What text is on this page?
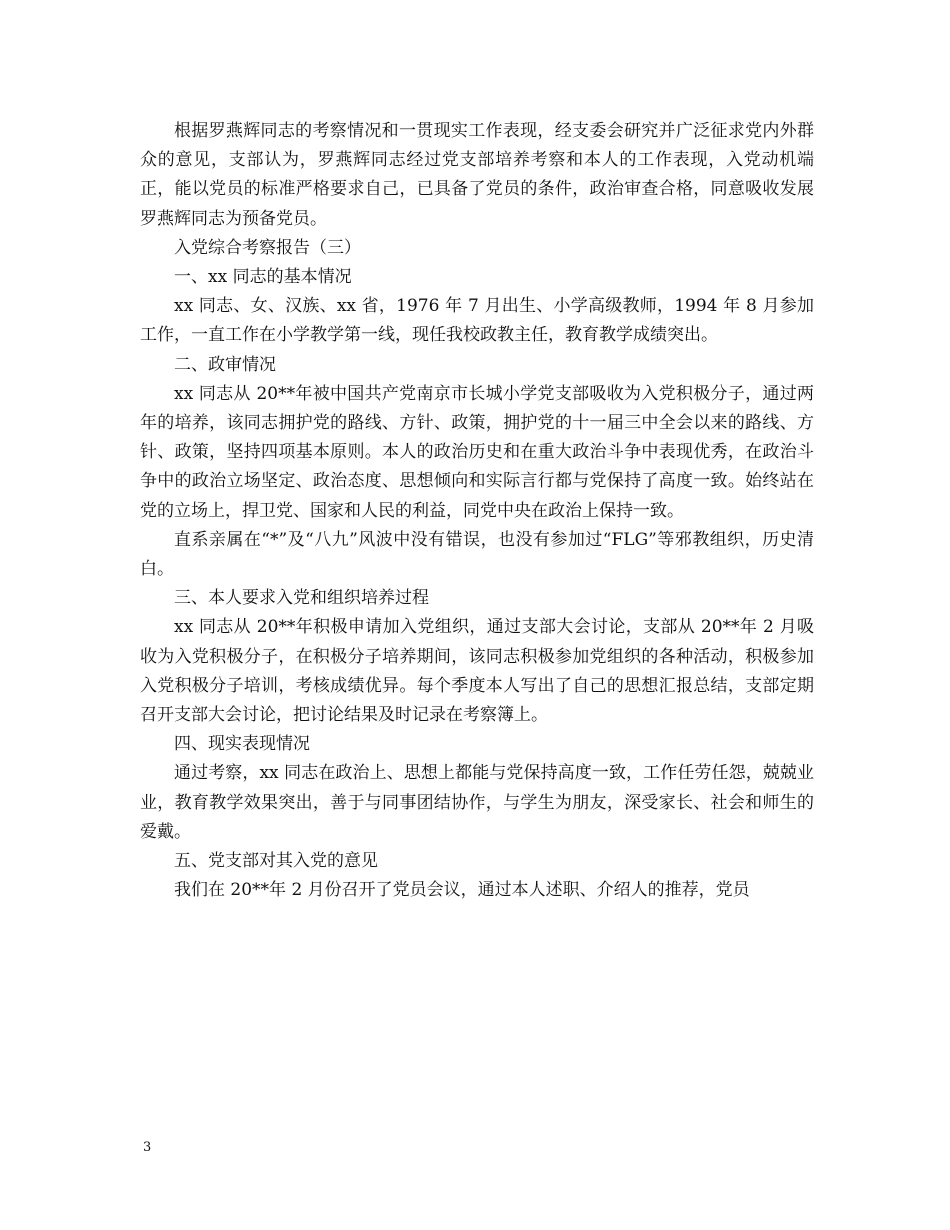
根据罗燕辉同志的考察情况和一贯现实工作表现，经支委会研究并广泛征求党内外群众的意见，支部认为，罗燕辉同志经过党支部培养考察和本人的工作表现，入党动机端正，能以党员的标准严格要求自己，已具备了党员的条件，政治审查合格，同意吸收发展罗燕辉同志为预备党员。

入党综合考察报告（三）

一、xx 同志的基本情况

xx 同志、女、汉族、xx 省，1976 年 7 月出生、小学高级教师，1994 年 8 月参加工作，一直工作在小学教学第一线，现任我校政教主任，教育教学成绩突出。

二、政审情况

xx 同志从 20**年被中国共产党南京市长城小学党支部吸收为入党积极分子，通过两年的培养，该同志拥护党的路线、方针、政策，拥护党的十一届三中全会以来的路线、方针、政策，坚持四项基本原则。本人的政治历史和在重大政治斗争中表现优秀，在政治斗争中的政治立场坚定、政治态度、思想倾向和实际言行都与党保持了高度一致。始终站在党的立场上，捍卫党、国家和人民的利益，同党中央在政治上保持一致。

直系亲属在“*”及“八九”风波中没有错误，也没有参加过“FLG”等邪教组织，历史清白。

三、本人要求入党和组织培养过程

xx 同志从 20**年积极申请加入党组织，通过支部大会讨论，支部从 20**年 2 月吸收为入党积极分子，在积极分子培养期间，该同志积极参加党组织的各种活动，积极参加入党积极分子培训，考核成绩优异。每个季度本人写出了自己的思想汇报总结，支部定期召开支部大会讨论，把讨论结果及时记录在考察簿上。

四、现实表现情况

通过考察，xx 同志在政治上、思想上都能与党保持高度一致，工作任劳任怨，兢兢业业，教育教学效果突出，善于与同事团结协作，与学生为朋友，深受家长、社会和师生的爱戴。

五、党支部对其入党的意见

我们在 20**年 2 月份召开了党员会议，通过本人述职、介绍人的推荐，党员

3
